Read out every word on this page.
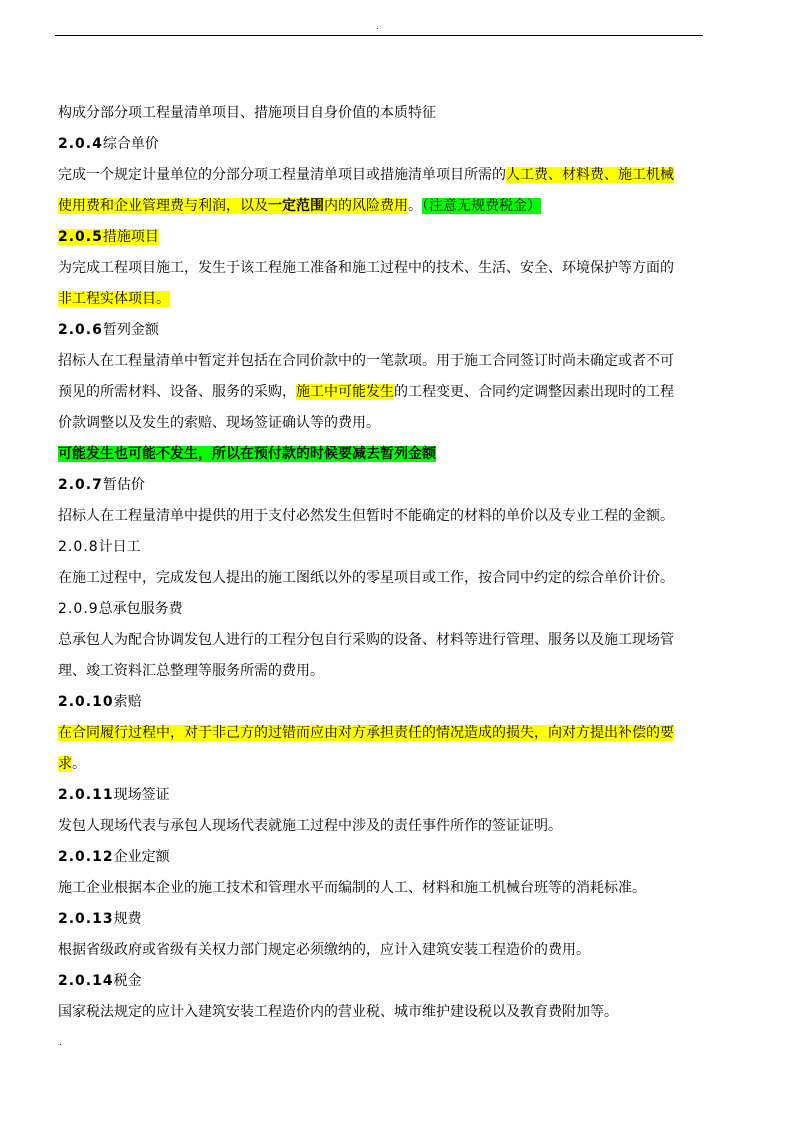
.
构成分部分项工程量清单项目、措施项目自身价值的本质特征
2.0.4综合单价
完成一个规定计量单位的分部分项工程量清单项目或措施清单项目所需的人工费、材料费、施工机械
使用费和企业管理费与利润，以及一定范围内的风险费用。（注意无规费税金）
2.0.5措施项目
为完成工程项目施工，发生于该工程施工准备和施工过程中的技术、生活、安全、环境保护等方面的
非工程实体项目。
2.0.6暂列金额
招标人在工程量清单中暂定并包括在合同价款中的一笔款项。用于施工合同签订时尚未确定或者不可
预见的所需材料、设备、服务的采购，施工中可能发生的工程变更、合同约定调整因素出现时的工程
价款调整以及发生的索赔、现场签证确认等的费用。
可能发生也可能不发生，所以在预付款的时候要减去暂列金额
2.0.7暂估价
招标人在工程量清单中提供的用于支付必然发生但暂时不能确定的材料的单价以及专业工程的金额。
2.0.8计日工
在施工过程中，完成发包人提出的施工图纸以外的零星项目或工作，按合同中约定的综合单价计价。
2.0.9总承包服务费
总承包人为配合协调发包人进行的工程分包自行采购的设备、材料等进行管理、服务以及施工现场管
理、竣工资料汇总整理等服务所需的费用。
2.0.10索赔
在合同履行过程中，对于非己方的过错而应由对方承担责任的情况造成的损失，向对方提出补偿的要
求。
2.0.11现场签证
发包人现场代表与承包人现场代表就施工过程中涉及的责任事件所作的签证证明。
2.0.12企业定额
施工企业根据本企业的施工技术和管理水平而编制的人工、材料和施工机械台班等的消耗标准。
2.0.13规费
根据省级政府或省级有关权力部门规定必须缴纳的，应计入建筑安装工程造价的费用。
2.0.14税金
国家税法规定的应计入建筑安装工程造价内的营业税、城市维护建设税以及教育费附加等。
.
